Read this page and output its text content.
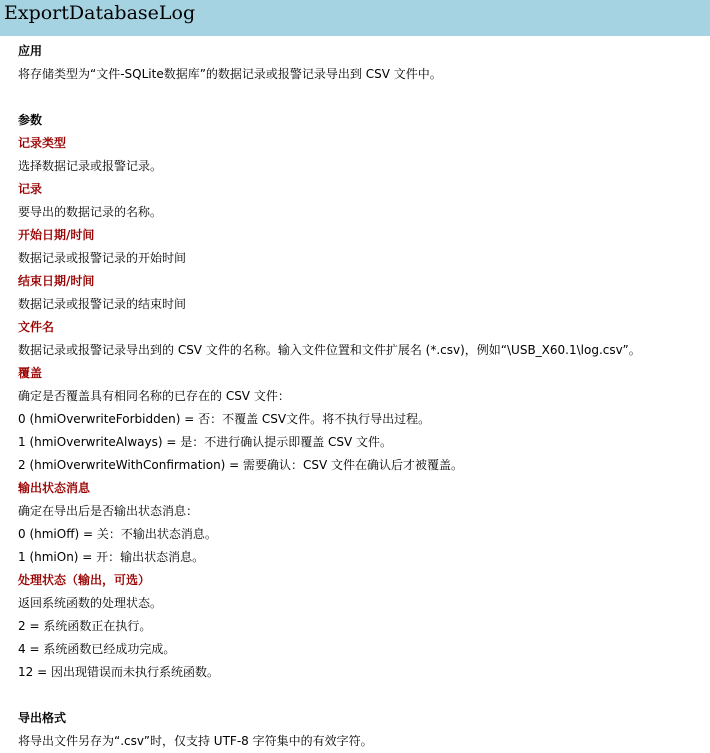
ExportDatabaseLog
应用
将存储类型为“文件-SQLite数据库”的数据记录或报警记录导出到 CSV 文件中。
参数
记录类型
选择数据记录或报警记录。
记录
要导出的数据记录的名称。
开始日期/时间
数据记录或报警记录的开始时间
结束日期/时间
数据记录或报警记录的结束时间
文件名
数据记录或报警记录导出到的 CSV 文件的名称。输入文件位置和文件扩展名 (*.csv)，例如“\USB_X60.1\log.csv”。
覆盖
确定是否覆盖具有相同名称的已存在的 CSV 文件：
0 (hmiOverwriteForbidden) = 否：不覆盖 CSV文件。将不执行导出过程。
1 (hmiOverwriteAlways) = 是：不进行确认提示即覆盖 CSV 文件。
2 (hmiOverwriteWithConfirmation) = 需要确认：CSV 文件在确认后才被覆盖。
输出状态消息
确定在导出后是否输出状态消息：
0 (hmiOff) = 关：不输出状态消息。
1 (hmiOn) = 开：输出状态消息。
处理状态（输出，可选）
返回系统函数的处理状态。
2 = 系统函数正在执行。
4 = 系统函数已经成功完成。
12 = 因出现错误而未执行系统函数。
导出格式
将导出文件另存为“.csv”时，仅支持 UTF-8 字符集中的有效字符。
